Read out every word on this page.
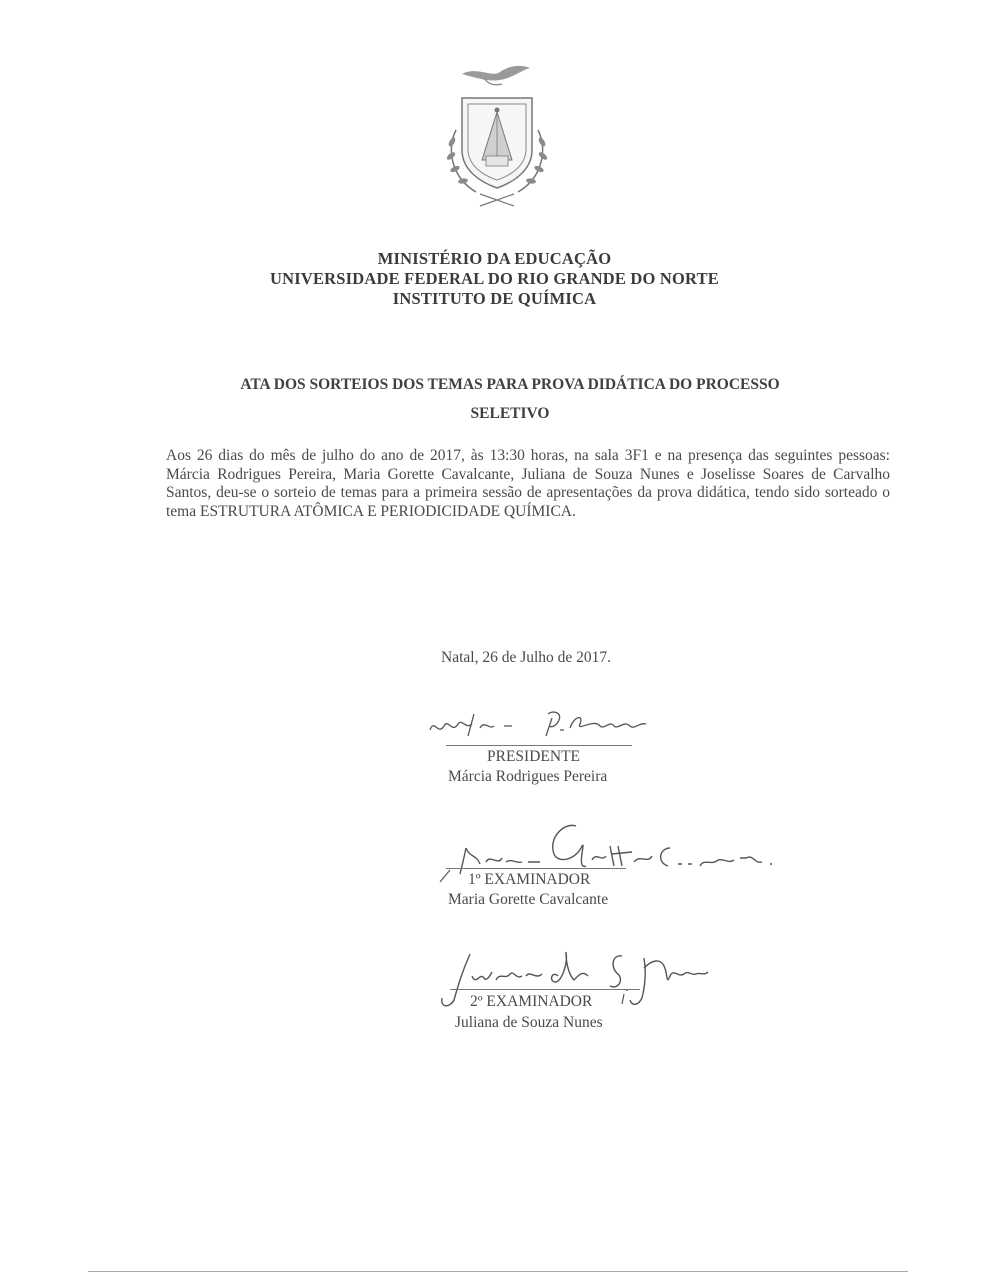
MINISTÉRIO DA EDUCAÇÃO
UNIVERSIDADE FEDERAL DO RIO GRANDE DO NORTE
INSTITUTO DE QUÍMICA
ATA DOS SORTEIOS DOS TEMAS PARA PROVA DIDÁTICA DO PROCESSO
SELETIVO
Aos 26 dias do mês de julho do ano de 2017, às 13:30 horas, na sala 3F1 e na presença das seguintes pessoas: Márcia Rodrigues Pereira, Maria Gorette Cavalcante, Juliana de Souza Nunes e Joselisse Soares de Carvalho Santos, deu-se o sorteio de temas para a primeira sessão de apresentações da prova didática, tendo sido sorteado o tema ESTRUTURA ATÔMICA E PERIODICIDADE QUÍMICA.
Natal, 26 de Julho de 2017.
PRESIDENTE
Márcia Rodrigues Pereira
1º EXAMINADOR
Maria Gorette Cavalcante
2º EXAMINADOR
Juliana de Souza Nunes
